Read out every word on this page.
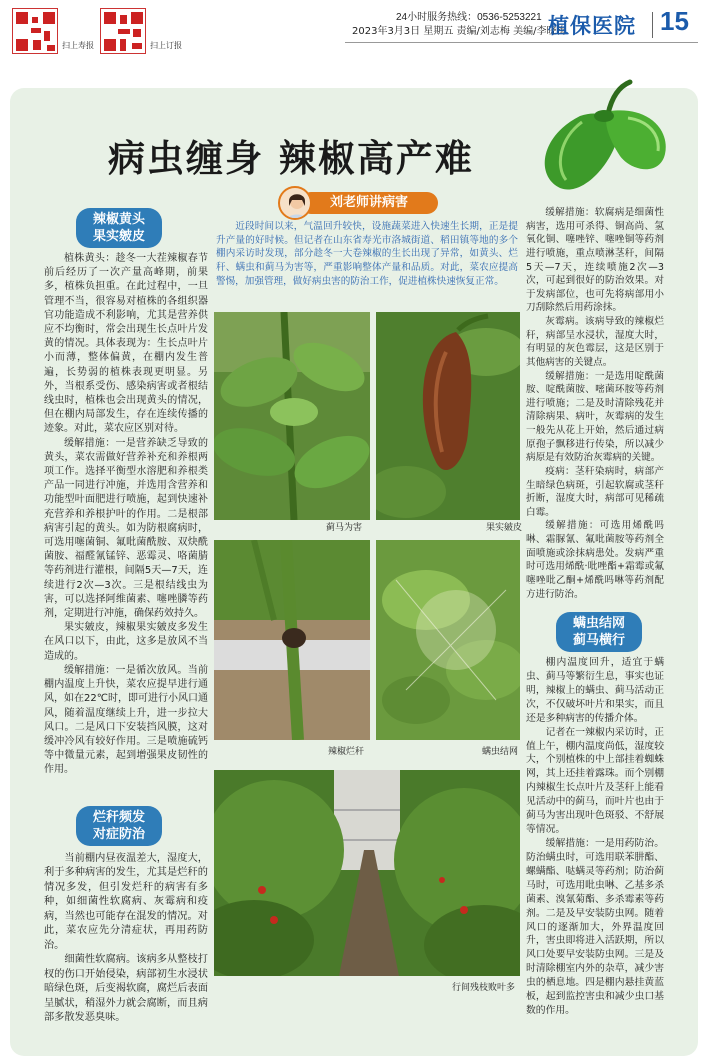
扫上寿报	扫上订报
24小时服务热线：0536-5253221
2023年3月3日 星期五 责编/刘志梅 美编/李晓梅
植保医院 15
病虫缠身 辣椒高产难
刘老师讲病害
近段时间以来，气温回升较快，设施蔬菜进入快速生长期，正是提升产量的好时候。但记者在山东省寿光市洛城街道、稻田镇等地的多个棚内采访时发现，部分趁冬一大卷辣椒的生长出现了异常，如黄头、烂秆、螨虫和蓟马为害等，严重影响整体产量和品质。对此，菜农应提高警惕，加强管理，做好病虫害的防治工作，促进植株快速恢复正常。
辣椒黄头
果实皴皮

植株黄头：趁冬一大茬辣椒春节前后经历了一次产量高峰期，前果多，植株负担重。在此过程中，一旦管理不当，很容易对植株的各组织器官功能造成不利影响，尤其是营养供应不均衡时，常会出现生长点叶片发黄的情况。具体表现为：生长点叶片小而薄，整体偏黄，在棚内发生普遍，长势弱的植株表现更明显。另外，当根系受伤、感染病害或者根结线虫时，植株也会出现黄头的情况，但在棚内局部发生，存在连续传播的迹象。对此，菜农应区别对待。

缓解措施：一是营养缺乏导致的黄头，菜农需做好营养补充和养根两项工作。选择平衡型水溶肥和养根类产品一同进行冲施，并选用含营养和功能型叶面肥进行喷施，起到快速补充营养和养根护叶的作用。二是根部病害引起的黄头。如为防根腐病时，可选用噻菌铜、氟吡菌酰胺、双炔酰菌胺、福醛氰锰锌、恶霉灵、咯菌腈等药剂进行灌根，间隔5天—7天，连续进行2次—3次。三是根结线虫为害，可以选择阿维菌素、噻唑膦等药剂，定期进行冲施，确保药效持久。

果实皴皮，辣椒果实皴皮多发生在风口以下，由此，这多是放风不当造成的。

缓解措施：一是循次放风。当前棚内温度上升快，菜农应提早进行通风，如在22℃时，即可进行小风口通风，随着温度继续上升，进一步拉大风口。二是风口下安装挡风膜，这对缓冲冷风有较好作用。三是喷施硫钙等中微量元素，起到增强果皮韧性的作用。

烂秆频发
对症防治

当前棚内昼夜温差大，湿度大，利于多种病害的发生，尤其是烂秆的情况多发，但引发烂秆的病害有多种，如细菌性软腐病、灰霉病和疫病，当然也可能存在混发的情况。对此，菜农应先分清症状，再用药防治。

细菌性软腐病。该病多从整枝打杈的伤口开始侵染，病部初生水浸状暗绿色斑，后变褐软腐，腐烂后表面呈腻状，稍湿外力就会腐断，而且病部多散发恶臭味。

蓟马为害	果实皴皮
辣椒烂秆	螨虫结网
行间残枝败叶多

缓解措施：软腐病是细菌性病害，选用可杀得、铜高尚、氢氧化铜、噻唑锌、噻唑铜等药剂进行喷施，重点喷淋茎秆，间隔5天—7天，连续喷施2次—3次，可起到很好的防治效果。对于发病部位，也可先将病部用小刀刮除然后用药涂抹。

灰霉病。该病导致的辣椒烂秆，病部呈水浸状，湿度大时，有明显的灰色霉层，这是区别于其他病害的关键点。

缓解措施：一是选用啶酰菌胺、啶酰菌胺、嘧菌环胺等药剂进行喷施；二是及时清除残花并清除病果、病叶，灰霉病的发生一般先从花上开始，然后通过病原孢子飘移进行传染，所以减少病原是有效防治灰霉病的关键。

疫病：茎秆染病时，病部产生暗绿色病斑，引起软腐或茎秆折断，湿度大时，病部可见稀疏白霉。

缓解措施：可选用烯酰吗啉、霜脲氰、氟吡菌胺等药剂全面喷施或涂抹病患处。发病严重时可选用烯酰·吡唑酯+霜霉或氟噻唑吡乙酮+烯酰吗啉等药剂配方进行防治。

螨虫结网
蓟马横行

棚内温度回升，适宜于螨虫、蓟马等繁衍生息，事实也证明，辣椒上的螨虫、蓟马活动正次，不仅破坏叶片和果实，而且还是多种病害的传播介体。

记者在一辣椒内采访时，正值上午，棚内温度尚低，湿度较大，个别植株的中上部挂着蜘蛛网，其上还挂着露珠。而个别棚内辣椒生长点叶片及茎秆上能看见活动中的蓟马，而叶片也由于蓟马为害出现叶色斑驳、不舒展等情况。

缓解措施：一是用药防治。防治螨虫时，可选用联苯肼酯、螺螨酯、哒螨灵等药剂；防治蓟马时，可选用吡虫啉、乙基多杀菌素、溴氰菊酯、多杀霉素等药剂。二是及早安装防虫网。随着风口的逐渐加大，外界温度回升，害虫即将进入活跃期，所以风口处要早安装防虫网。三是及时清除棚室内外的杂草，减少害虫的栖息地。四是棚内悬挂黄蓝板，起到监控害虫和减少虫口基数的作用。
